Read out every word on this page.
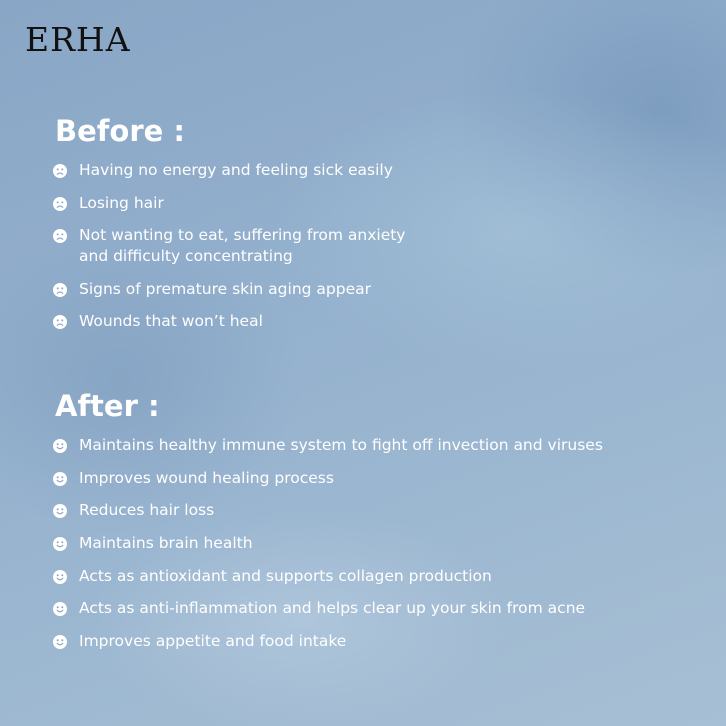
ERHA
Before :
Having no energy and feeling sick easily
Losing hair
Not wanting to eat, suffering from anxiety
and difficulty concentrating
Signs of premature skin aging appear
Wounds that won’t heal
After :
Maintains healthy immune system to fight off invection and viruses
Improves wound healing process
Reduces hair loss
Maintains brain health
Acts as antioxidant and supports collagen production
Acts as anti-inflammation and helps clear up your skin from acne
Improves appetite and food intake
